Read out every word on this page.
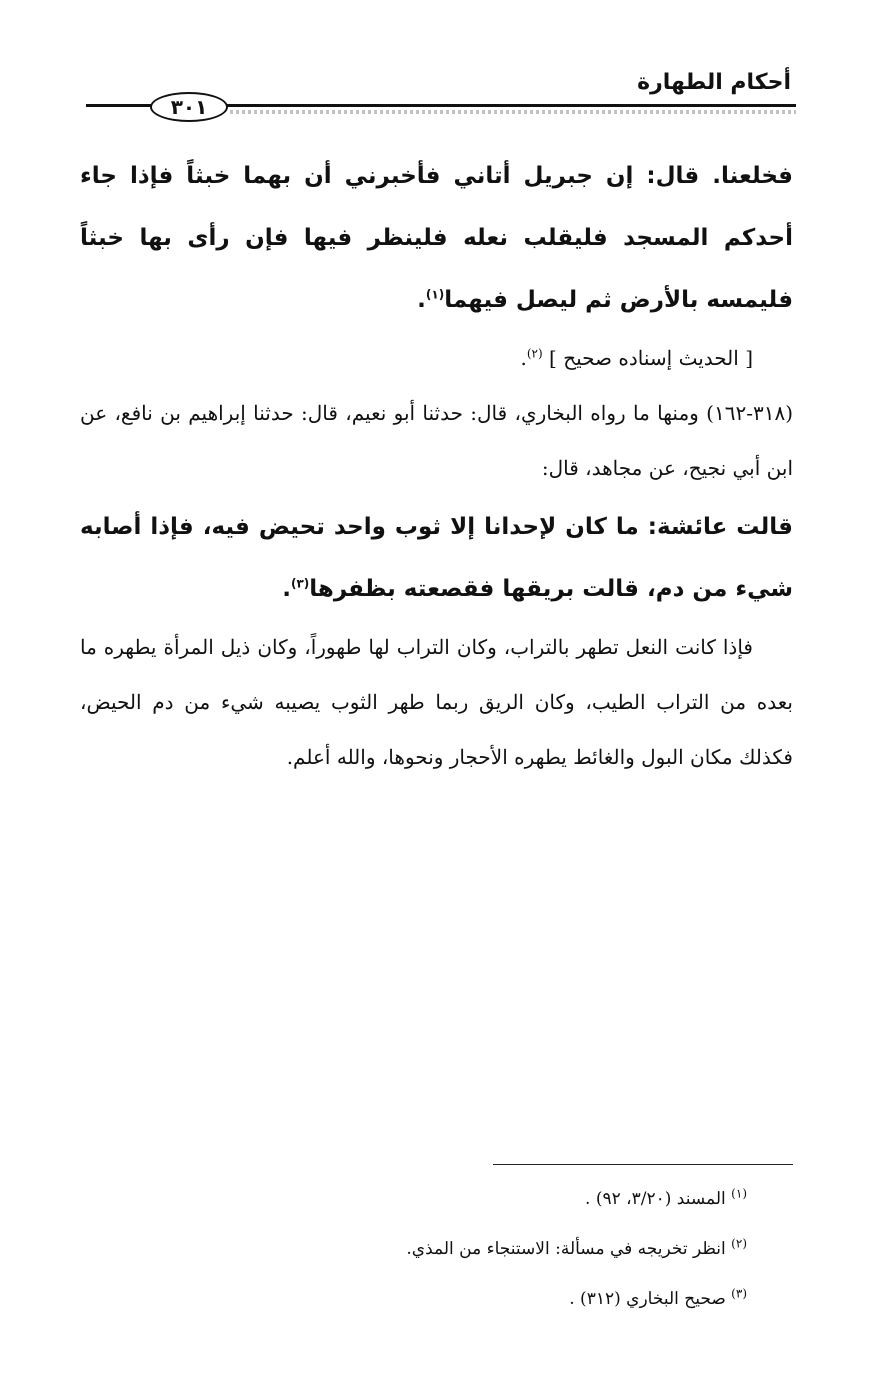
أحكام الطهارة
٣٠١

فخلعنا. قال: إن جبريل أتاني فأخبرني أن بهما خبثاً فإذا جاء أحدكم المسجد فليقلب نعله فلينظر فيها فإن رأى بها خبثاً فليمسه بالأرض ثم ليصل فيهما$^{(١)}$.

[ الحديث إسناده صحيح ] $^{(٢)}$.

(٣١٨-١٦٢) ومنها ما رواه البخاري، قال: حدثنا أبو نعيم، قال: حدثنا إبراهيم بن نافع، عن ابن أبي نجيح، عن مجاهد، قال:

قالت عائشة: ما كان لإحدانا إلا ثوب واحد تحيض فيه، فإذا أصابه شيء من دم، قالت بريقها فقصعته بظفرها$^{(٣)}$.

فإذا كانت النعل تطهر بالتراب، وكان التراب لها طهوراً، وكان ذيل المرأة يطهره ما بعده من التراب الطيب، وكان الريق ربما طهر الثوب يصيبه شيء من دم الحيض، فكذلك مكان البول والغائط يطهره الأحجار ونحوها، والله أعلم.

$^{(١)}$ المسند (٣/٢٠، ٩٢) .

$^{(٢)}$ انظر تخريجه في مسألة: الاستنجاء من المذي.

$^{(٣)}$ صحيح البخاري (٣١٢) .
